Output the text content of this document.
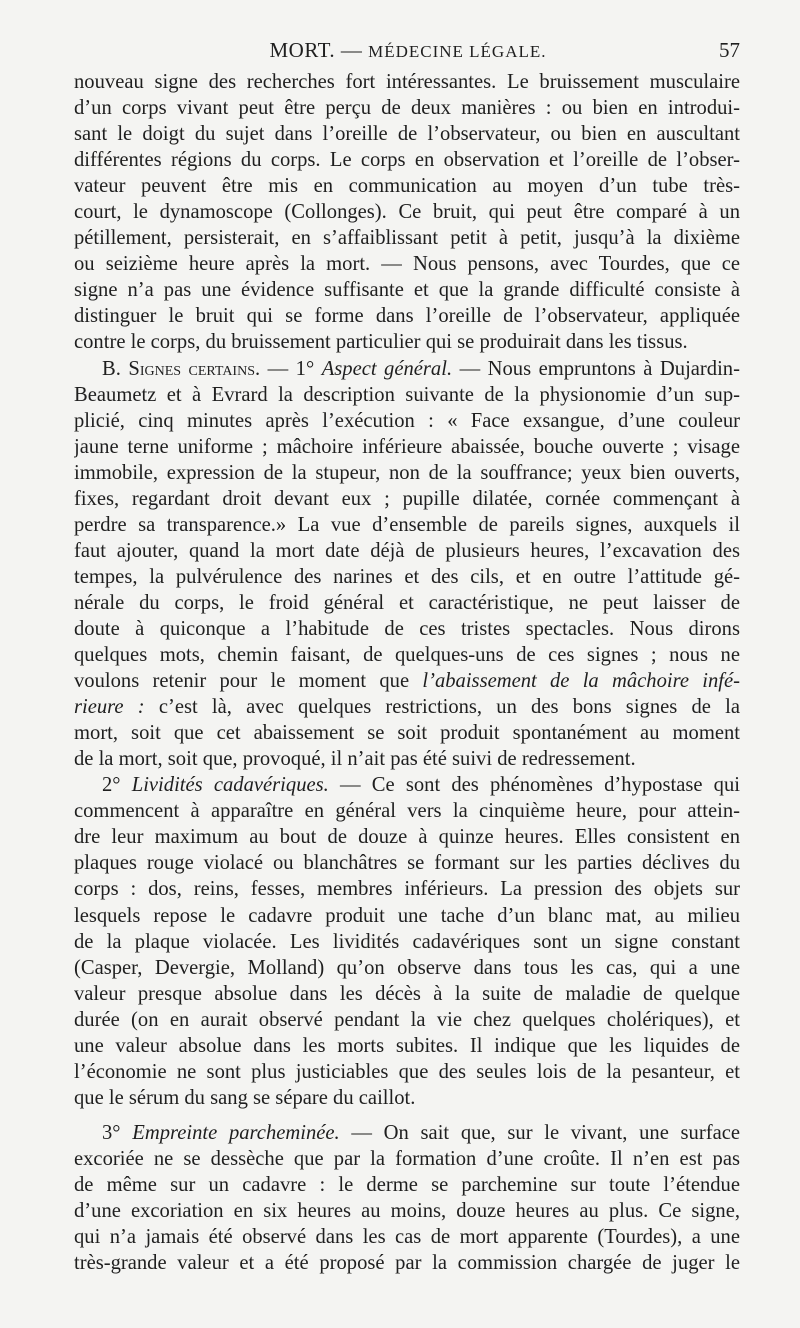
MORT. — MÉDECINE LÉGALE.	57
nouveau signe des recherches fort intéressantes. Le bruissement musculaire
d’un corps vivant peut être perçu de deux manières : ou bien en introdui-
sant le doigt du sujet dans l’oreille de l’observateur, ou bien en auscultant
différentes régions du corps. Le corps en observation et l’oreille de l’obser-
vateur peuvent être mis en communication au moyen d’un tube très-
court, le dynamoscope (Collonges). Ce bruit, qui peut être comparé à un
pétillement, persisterait, en s’affaiblissant petit à petit, jusqu’à la dixième
ou seizième heure après la mort. — Nous pensons, avec Tourdes, que ce
signe n’a pas une évidence suffisante et que la grande difficulté consiste à
distinguer le bruit qui se forme dans l’oreille de l’observateur, appliquée
contre le corps, du bruissement particulier qui se produirait dans les tissus.
B. Signes certains. — 1° Aspect général. — Nous empruntons à Dujardin-
Beaumetz et à Evrard la description suivante de la physionomie d’un sup-
plicié, cinq minutes après l’exécution : « Face exsangue, d’une couleur
jaune terne uniforme ; mâchoire inférieure abaissée, bouche ouverte ; visage
immobile, expression de la stupeur, non de la souffrance; yeux bien ouverts,
fixes, regardant droit devant eux ; pupille dilatée, cornée commençant à
perdre sa transparence.» La vue d’ensemble de pareils signes, auxquels il
faut ajouter, quand la mort date déjà de plusieurs heures, l’excavation des
tempes, la pulvérulence des narines et des cils, et en outre l’attitude gé-
nérale du corps, le froid général et caractéristique, ne peut laisser de
doute à quiconque a l’habitude de ces tristes spectacles. Nous dirons
quelques mots, chemin faisant, de quelques-uns de ces signes ; nous ne
voulons retenir pour le moment que l’abaissement de la mâchoire infé-
rieure : c’est là, avec quelques restrictions, un des bons signes de la
mort, soit que cet abaissement se soit produit spontanément au moment
de la mort, soit que, provoqué, il n’ait pas été suivi de redressement.
2° Lividités cadavériques. — Ce sont des phénomènes d’hypostase qui
commencent à apparaître en général vers la cinquième heure, pour attein-
dre leur maximum au bout de douze à quinze heures. Elles consistent en
plaques rouge violacé ou blanchâtres se formant sur les parties déclives du
corps : dos, reins, fesses, membres inférieurs. La pression des objets sur
lesquels repose le cadavre produit une tache d’un blanc mat, au milieu
de la plaque violacée. Les lividités cadavériques sont un signe constant
(Casper, Devergie, Molland) qu’on observe dans tous les cas, qui a une
valeur presque absolue dans les décès à la suite de maladie de quelque
durée (on en aurait observé pendant la vie chez quelques cholériques), et
une valeur absolue dans les morts subites. Il indique que les liquides de
l’économie ne sont plus justiciables que des seules lois de la pesanteur, et
que le sérum du sang se sépare du caillot.
3° Empreinte parcheminée. — On sait que, sur le vivant, une surface
excoriée ne se dessèche que par la formation d’une croûte. Il n’en est pas
de même sur un cadavre : le derme se parchemine sur toute l’étendue
d’une excoriation en six heures au moins, douze heures au plus. Ce signe,
qui n’a jamais été observé dans les cas de mort apparente (Tourdes), a une
très-grande valeur et a été proposé par la commission chargée de juger le
